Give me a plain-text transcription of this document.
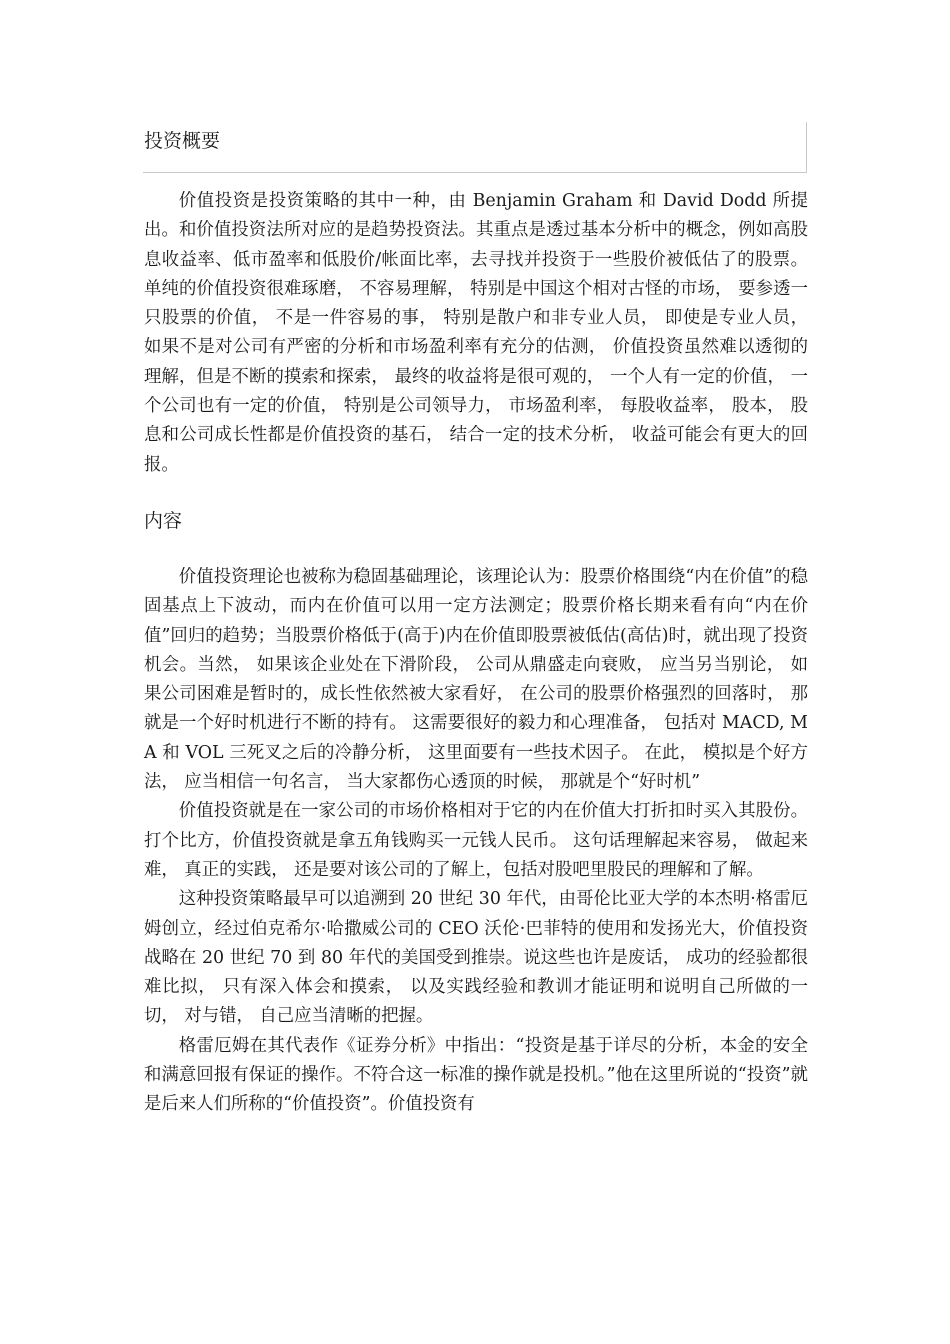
投资概要

价值投资是投资策略的其中一种，由 Benjamin Graham 和 David Dodd 所提出。和价值投资法所对应的是趋势投资法。其重点是透过基本分析中的概念，例如高股息收益率、低市盈率和低股价/帐面比率，去寻找并投资于一些股价被低估了的股票。 单纯的价值投资很难琢磨， 不容易理解， 特别是中国这个相对古怪的市场， 要参透一只股票的价值， 不是一件容易的事， 特别是散户和非专业人员， 即使是专业人员， 如果不是对公司有严密的分析和市场盈利率有充分的估测， 价值投资虽然难以透彻的理解，但是不断的摸索和探索， 最终的收益将是很可观的， 一个人有一定的价值， 一个公司也有一定的价值， 特别是公司领导力， 市场盈利率， 每股收益率， 股本， 股息和公司成长性都是价值投资的基石， 结合一定的技术分析， 收益可能会有更大的回报。

内容

价值投资理论也被称为稳固基础理论，该理论认为：股票价格围绕“内在价值”的稳固基点上下波动，而内在价值可以用一定方法测定；股票价格长期来看有向“内在价值”回归的趋势；当股票价格低于(高于)内在价值即股票被低估(高估)时，就出现了投资机会。当然， 如果该企业处在下滑阶段， 公司从鼎盛走向衰败， 应当另当别论， 如果公司困难是暂时的，成长性依然被大家看好， 在公司的股票价格强烈的回落时， 那就是一个好时机进行不断的持有。 这需要很好的毅力和心理准备， 包括对 MACD, MA 和 VOL 三死叉之后的冷静分析， 这里面要有一些技术因子。 在此， 模拟是个好方法， 应当相信一句名言， 当大家都伤心透顶的时候， 那就是个“好时机”

价值投资就是在一家公司的市场价格相对于它的内在价值大打折扣时买入其股份。打个比方，价值投资就是拿五角钱购买一元钱人民币。 这句话理解起来容易， 做起来难， 真正的实践， 还是要对该公司的了解上，包括对股吧里股民的理解和了解。

这种投资策略最早可以追溯到 20 世纪 30 年代，由哥伦比亚大学的本杰明·格雷厄姆创立，经过伯克希尔·哈撒威公司的 CEO 沃伦·巴菲特的使用和发扬光大，价值投资战略在 20 世纪 70 到 80 年代的美国受到推崇。说这些也许是废话， 成功的经验都很难比拟， 只有深入体会和摸索， 以及实践经验和教训才能证明和说明自己所做的一切， 对与错， 自己应当清晰的把握。

格雷厄姆在其代表作《证券分析》中指出：“投资是基于详尽的分析，本金的安全和满意回报有保证的操作。不符合这一标准的操作就是投机。”他在这里所说的“投资”就是后来人们所称的“价值投资”。价值投资有
